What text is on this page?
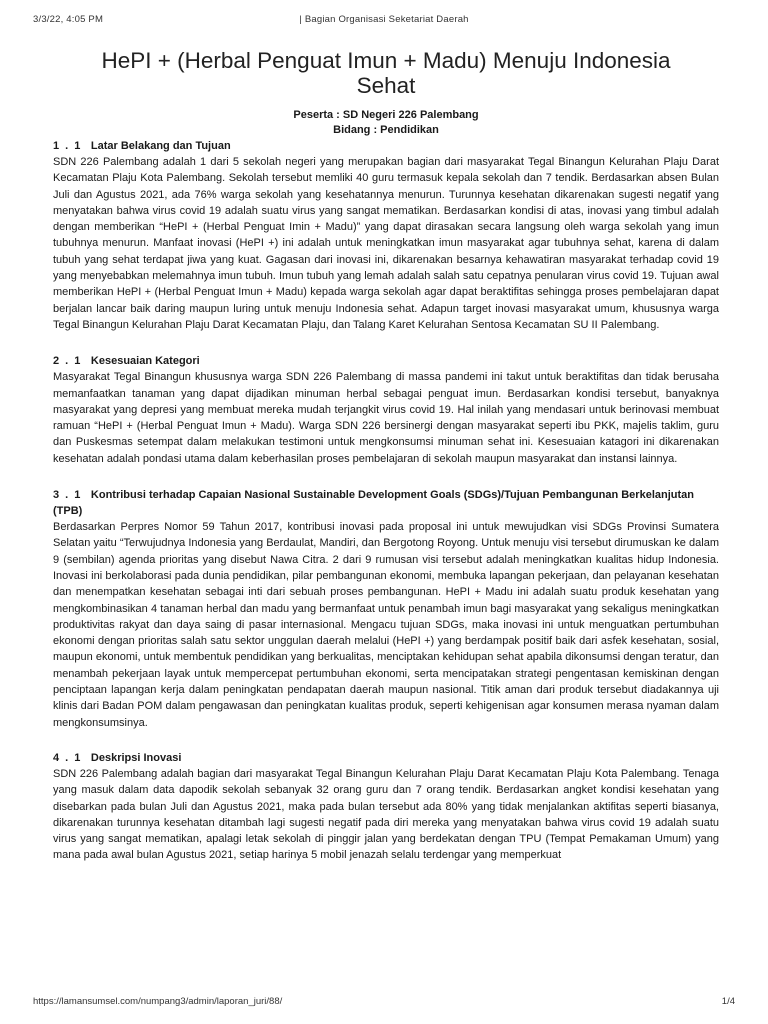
3/3/22, 4:05 PM	| Bagian Organisasi Seketariat Daerah
HePI + (Herbal Penguat Imun + Madu) Menuju Indonesia Sehat
Peserta : SD Negeri 226 Palembang
Bidang : Pendidikan

1 . 1 Latar Belakang dan Tujuan

SDN 226 Palembang adalah 1 dari 5 sekolah negeri yang merupakan bagian dari masyarakat Tegal Binangun Kelurahan Plaju Darat Kecamatan Plaju Kota Palembang. Sekolah tersebut memliki 40 guru termasuk kepala sekolah dan 7 tendik. Berdasarkan absen Bulan Juli dan Agustus 2021, ada 76% warga sekolah yang kesehatannya menurun. Turunnya kesehatan dikarenakan sugesti negatif yang menyatakan bahwa virus covid 19 adalah suatu virus yang sangat mematikan. Berdasarkan kondisi di atas, inovasi yang timbul adalah dengan memberikan “HePI + (Herbal Penguat Imin + Madu)” yang dapat dirasakan secara langsung oleh warga sekolah yang imun tubuhnya menurun. Manfaat inovasi (HePI +) ini adalah untuk meningkatkan imun masyarakat agar tubuhnya sehat, karena di dalam tubuh yang sehat terdapat jiwa yang kuat. Gagasan dari inovasi ini, dikarenakan besarnya kehawatiran masyarakat terhadap covid 19 yang menyebabkan melemahnya imun tubuh. Imun tubuh yang lemah adalah salah satu cepatnya penularan virus covid 19. Tujuan awal memberikan HePI + (Herbal Penguat Imun + Madu) kepada warga sekolah agar dapat beraktifitas sehingga proses pembelajaran dapat berjalan lancar baik daring maupun luring untuk menuju Indonesia sehat. Adapun target inovasi masyarakat umum, khususnya warga Tegal Binangun Kelurahan Plaju Darat Kecamatan Plaju, dan Talang Karet Kelurahan Sentosa Kecamatan SU II Palembang.

2 . 1 Kesesuaian Kategori

Masyarakat Tegal Binangun khususnya warga SDN 226 Palembang di massa pandemi ini takut untuk beraktifitas dan tidak berusaha memanfaatkan tanaman yang dapat dijadikan minuman herbal sebagai penguat imun. Berdasarkan kondisi tersebut, banyaknya masyarakat yang depresi yang membuat mereka mudah terjangkit virus covid 19. Hal inilah yang mendasari untuk berinovasi membuat ramuan “HePI + (Herbal Penguat Imun + Madu). Warga SDN 226 bersinergi dengan masyarakat seperti ibu PKK, majelis taklim, guru dan Puskesmas setempat dalam melakukan testimoni untuk mengkonsumsi minuman sehat ini. Kesesuaian katagori ini dikarenakan kesehatan adalah pondasi utama dalam keberhasilan proses pembelajaran di sekolah maupun masyarakat dan instansi lainnya.

3 . 1 Kontribusi terhadap Capaian Nasional Sustainable Development Goals (SDGs)/Tujuan Pembangunan Berkelanjutan (TPB)

Berdasarkan Perpres Nomor 59 Tahun 2017, kontribusi inovasi pada proposal ini untuk mewujudkan visi SDGs Provinsi Sumatera Selatan yaitu “Terwujudnya Indonesia yang Berdaulat, Mandiri, dan Bergotong Royong. Untuk menuju visi tersebut dirumuskan ke dalam 9 (sembilan) agenda prioritas yang disebut Nawa Citra. 2 dari 9 rumusan visi tersebut adalah meningkatkan kualitas hidup Indonesia. Inovasi ini berkolaborasi pada dunia pendidikan, pilar pembangunan ekonomi, membuka lapangan pekerjaan, dan pelayanan kesehatan dan menempatkan kesehatan sebagai inti dari sebuah proses pembangunan. HePI + Madu ini adalah suatu produk kesehatan yang mengkombinasikan 4 tanaman herbal dan madu yang bermanfaat untuk penambah imun bagi masyarakat yang sekaligus meningkatkan produktivitas rakyat dan daya saing di pasar internasional. Mengacu tujuan SDGs, maka inovasi ini untuk menguatkan pertumbuhan ekonomi dengan prioritas salah satu sektor unggulan daerah melalui (HePI +) yang berdampak positif baik dari asfek kesehatan, sosial, maupun ekonomi, untuk membentuk pendidikan yang berkualitas, menciptakan kehidupan sehat apabila dikonsumsi dengan teratur, dan menambah pekerjaan layak untuk mempercepat pertumbuhan ekonomi, serta mencipatakan strategi pengentasan kemiskinan dengan penciptaan lapangan kerja dalam peningkatan pendapatan daerah maupun nasional. Titik aman dari produk tersebut diadakannya uji klinis dari Badan POM dalam pengawasan dan peningkatan kualitas produk, seperti kehigenisan agar konsumen merasa nyaman dalam mengkonsumsinya.

4 . 1 Deskripsi Inovasi

SDN 226 Palembang adalah bagian dari masyarakat Tegal Binangun Kelurahan Plaju Darat Kecamatan Plaju Kota Palembang. Tenaga yang masuk dalam data dapodik sekolah sebanyak 32 orang guru dan 7 orang tendik. Berdasarkan angket kondisi kesehatan yang disebarkan pada bulan Juli dan Agustus 2021, maka pada bulan tersebut ada 80% yang tidak menjalankan aktifitas seperti biasanya, dikarenakan turunnya kesehatan ditambah lagi sugesti negatif pada diri mereka yang menyatakan bahwa virus covid 19 adalah suatu virus yang sangat mematikan, apalagi letak sekolah di pinggir jalan yang berdekatan dengan TPU (Tempat Pemakaman Umum) yang mana pada awal bulan Agustus 2021, setiap harinya 5 mobil jenazah selalu terdengar yang memperkuat

https://lamansumsel.com/numpang3/admin/laporan_juri/88/	1/4
